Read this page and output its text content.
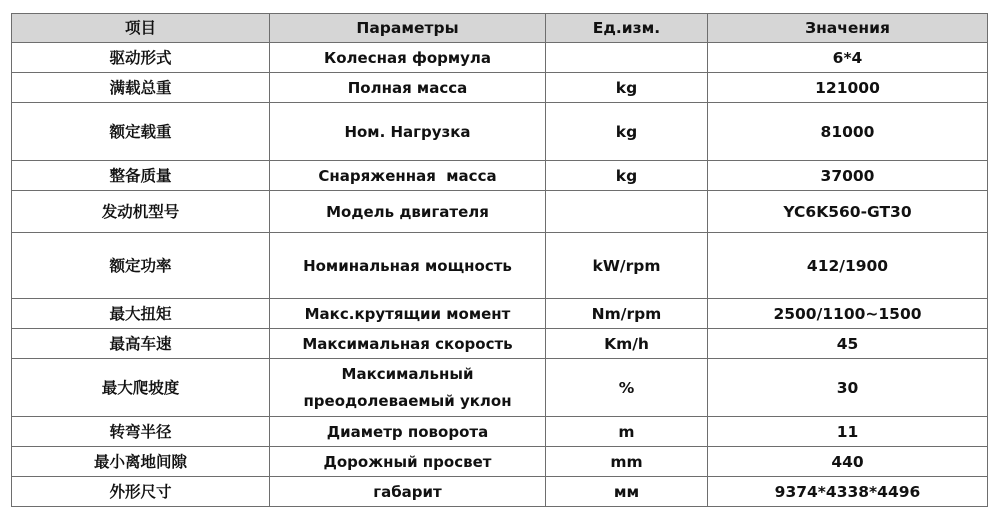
项目	Параметры	Ед.изм.	Значения
驱动形式	Колесная формула		6*4
满载总重	Полная масса	kg	121000
额定载重	Ном. Нагрузка	kg	81000
整备质量	Снаряженная  масса	kg	37000
发动机型号	Модель двигателя		YC6K560-GT30
额定功率	Номинальная мощность	kW/rpm	412/1900
最大扭矩	Макс.крутящии момент	Nm/rpm	2500/1100~1500
最高车速	Максимальная скорость	Km/h	45
最大爬坡度	Максимальный преодолеваемый уклон	%	30
转弯半径	Диаметр поворота	m	11
最小离地间隙	Дорожный просвет	mm	440
外形尺寸	габарит	мм	9374*4338*4496
